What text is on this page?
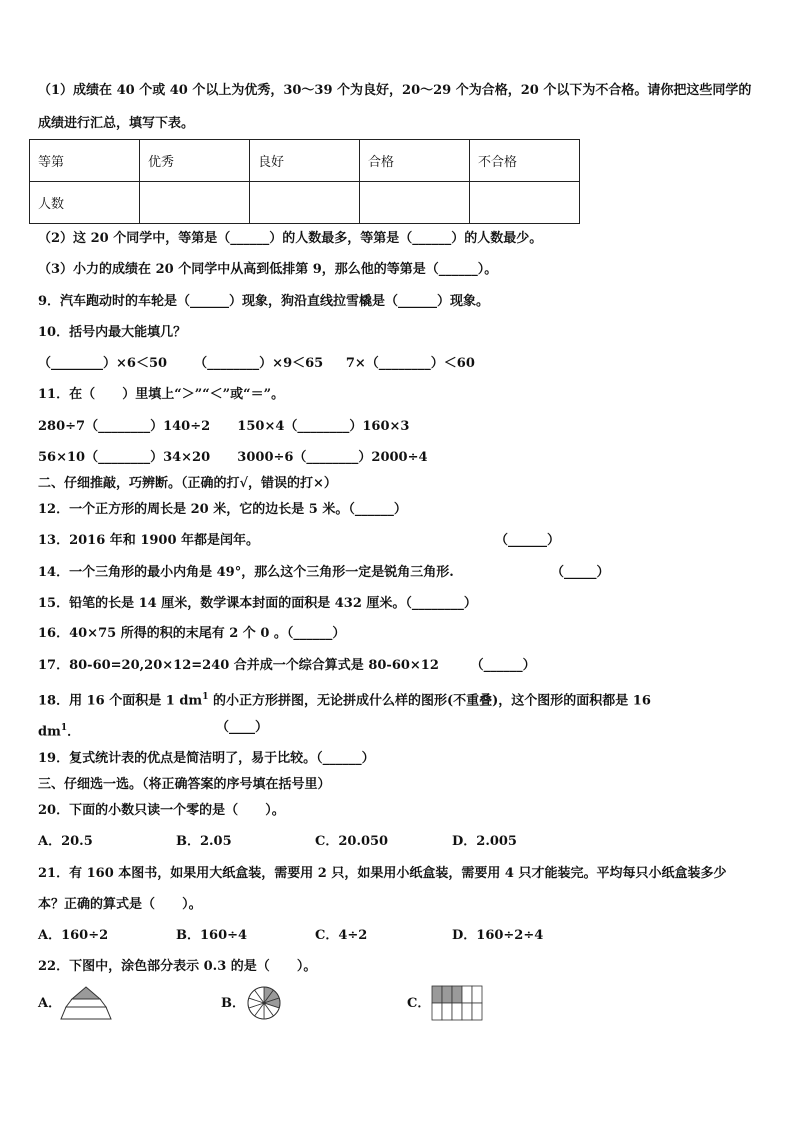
（1）成绩在 40 个或 40 个以上为优秀，30～39 个为良好，20～29 个为合格，20 个以下为不合格。请你把这些同学的
成绩进行汇总，填写下表。
等第	优秀	良好	合格	不合格
人数				
（2）这 20 个同学中，等第是（______）的人数最多，等第是（______）的人数最少。
（3）小力的成绩在 20 个同学中从高到低排第 9，那么他的等第是（______）。
9．汽车跑动时的车轮是（______）现象，狗沿直线拉雪橇是（______）现象。
10．括号内最大能填几？
（________）×6＜50      （________）×9＜65     7×（________）＜60
11．在（      ）里填上“＞”“＜”或“＝”。
280÷7（________）140÷2      150×4（________）160×3
56×10（________）34×20      3000÷6（________）2000÷4
二、仔细推敲，巧辨断。（正确的打√，错误的打×）
12．一个正方形的周长是 20 米，它的边长是 5 米。（______）
13．2016 年和 1900 年都是闰年。	（______）
14．一个三角形的最小内角是 49°，那么这个三角形一定是锐角三角形.	（_____）
15．铅笔的长是 14 厘米，数学课本封面的面积是 432 厘米。（________）
16．40×75 所得的积的末尾有 2 个 0 。（______）
17．80-60=20,20×12=240 合并成一个综合算式是 80-60×12       （______）
18．用 16 个面积是 1 $dm^1$ 的小正方形拼图，无论拼成什么样的图形(不重叠)，这个图形的面积都是 16
$dm^1$．	（____）
19．复式统计表的优点是简洁明了，易于比较。（______）
三、仔细选一选。（将正确答案的序号填在括号里）
20．下面的小数只读一个零的是（      ）。
A．20.5	B．2.05	C．20.050	D．2.005
21．有 160 本图书，如果用大纸盒装，需要用 2 只，如果用小纸盒装，需要用 4 只才能装完。平均每只小纸盒装多少
本？正确的算式是（      ）。
A．160÷2	B．160÷4	C．4÷2	D．160÷2÷4
22．下图中，涂色部分表示 0.3 的是（      ）。
A．	B．	C．
